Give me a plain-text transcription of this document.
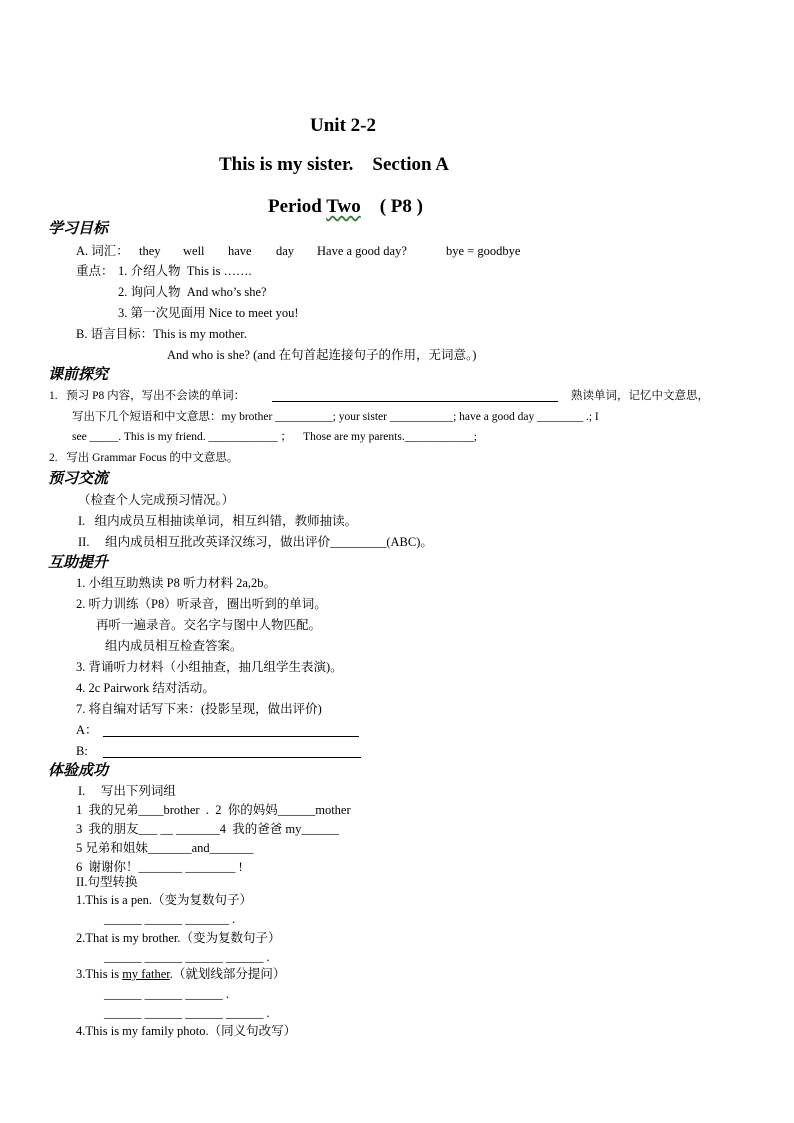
Unit 2-2
This is my sister.    Section A
Period Two    ( P8 )
学习目标
A. 词汇： they well have day Have a good day?	bye = goodbye
重点： 1. 介绍人物  This is …….
2. 询问人物  And who’s she?
3. 第一次见面用 Nice to meet you!
B. 语言目标：This is my mother.
And who is she? (and 在句首起连接句子的作用，无词意。)
课前探究
1.   预习 P8 内容，写出不会读的单词：	熟读单词，记忆中文意思，
写出下几个短语和中文意思：my brother __________; your sister ___________; have a good day ________ .; I
see _____. This is my friend. ____________ ；    Those are my parents.____________;
2.   写出 Grammar Focus 的中文意思。
预习交流
（检查个人完成预习情况。）
I.   组内成员互相抽读单词，相互纠错，教师抽读。
II.     组内成员相互批改英译汉练习，做出评价_________(ABC)。
互助提升
1. 小组互助熟读 P8 听力材料 2a,2b。
2. 听力训练（P8）听录音，圈出听到的单词。
再听一遍录音。交名字与图中人物匹配。
组内成员相互检查答案。
3. 背诵听力材料（小组抽查，抽几组学生表演)。
4. 2c Pairwork 结对活动。
7. 将自编对话写下来：(投影呈现，做出评价)
A：
B:
体验成功
I.     写出下列词组
1  我的兄弟____brother  .  2  你的妈妈______mother
3  我的朋友___ __ _______4  我的爸爸 my______
5 兄弟和姐妹_______and_______
6  谢谢你！_______ ________ !
II.句型转换
1.This is a pen.（变为复数句子）
______ ______ _______ .
2.That is my brother.（变为复数句子）
______ ______ ______ ______ .
3.This is my father.（就划线部分提问）
______ ______ ______ .
______ ______ ______ ______ .
4.This is my family photo.（同义句改写）
